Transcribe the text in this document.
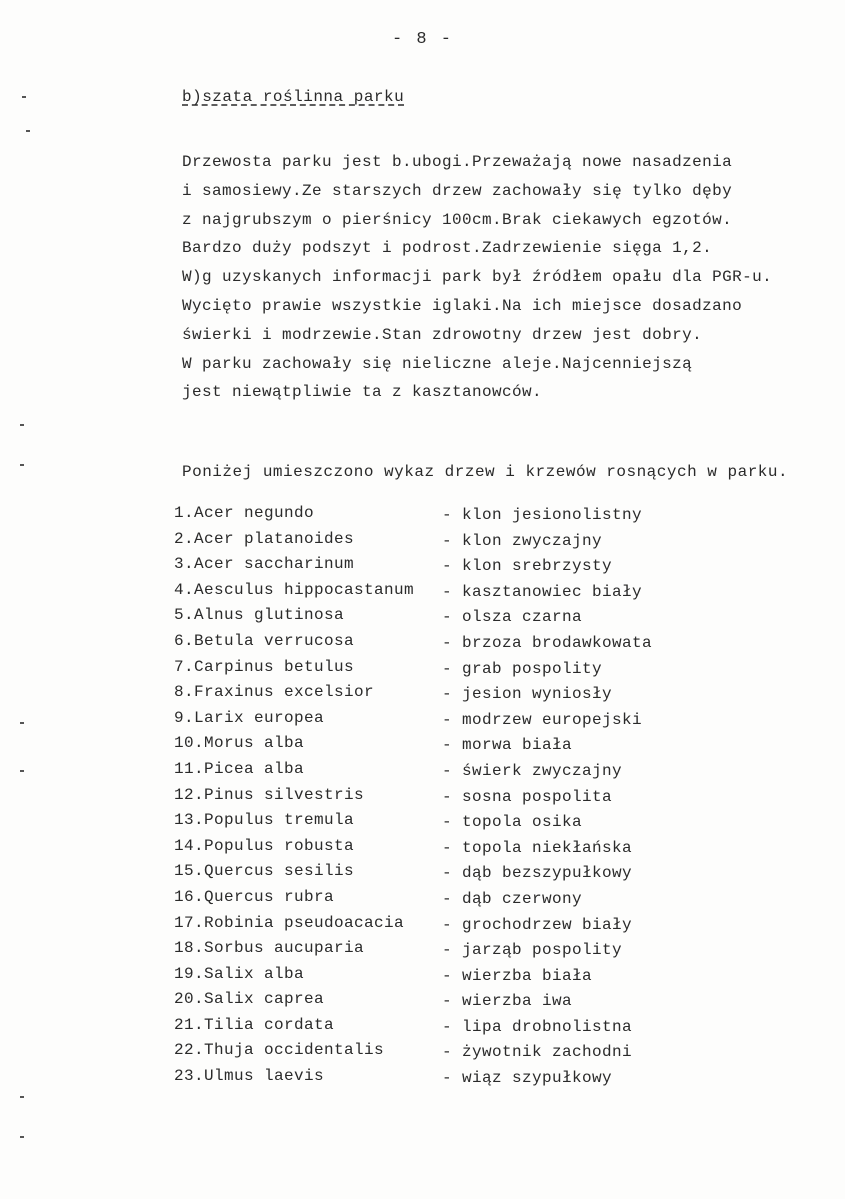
- 8 -
b)szata roślinna parku
Drzewosta parku jest b.ubogi.Przeważają nowe nasadzenia
i samosiewy.Ze starszych drzew zachowały się tylko dęby
z najgrubszym o pierśnicy 100cm.Brak ciekawych egzotów.
Bardzo duży podszyt i podrost.Zadrzewienie sięga 1,2.
W)g uzyskanych informacji park był źródłem opału dla PGR-u.
Wycięto prawie wszystkie iglaki.Na ich miejsce dosadzano
świerki i modrzewie.Stan zdrowotny drzew jest dobry.
W parku zachowały się nieliczne aleje.Najcenniejszą
jest niewątpliwie ta z kasztanowców.
Poniżej umieszczono wykaz drzew i krzewów rosnących w parku.
1.Acer negundo	- klon jesionolistny
2.Acer platanoides	- klon zwyczajny
3.Acer saccharinum	- klon srebrzysty
4.Aesculus hippocastanum - kasztanowiec biały
5.Alnus glutinosa	- olsza czarna
6.Betula verrucosa	- brzoza brodawkowata
7.Carpinus betulus	- grab pospolity
8.Fraxinus excelsior	- jesion wyniosły
9.Larix europea	- modrzew europejski
10.Morus alba	- morwa biała
11.Picea alba	- świerk zwyczajny
12.Pinus silvestris	- sosna pospolita
13.Populus tremula	- topola osika
14.Populus robusta	- topola niekłańska
15.Quercus sesilis	- dąb bezszypułkowy
16.Quercus rubra	- dąb czerwony
17.Robinia pseudoacacia - grochodrzew biały
18.Sorbus aucuparia	- jarząb pospolity
19.Salix alba	- wierzba biała
20.Salix caprea	- wierzba iwa
21.Tilia cordata	- lipa drobnolistna
22.Thuja occidentalis	- żywotnik zachodni
23.Ulmus laevis	- wiąz szypułkowy
